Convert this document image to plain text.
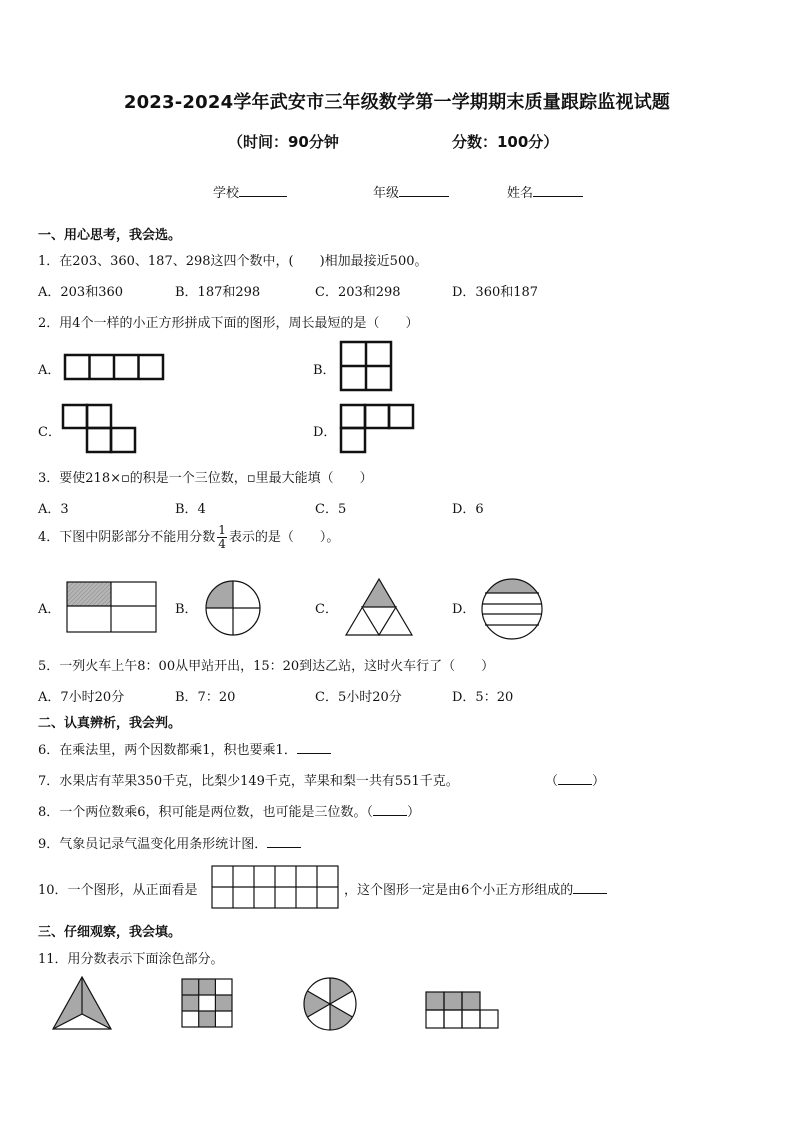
2023-2024学年武安市三年级数学第一学期期末质量跟踪监视试题
（时间：90分钟	分数：100分）
学校	年级	姓名
一、用心思考，我会选。
1．在203、360、187、298这四个数中，(　　)相加最接近500。
A．203和360	B．187和298	C．203和298	D．360和187
2．用4个一样的小正方形拼成下面的图形，周长最短的是（　　）
A．	B．
C．	D．
3．要使218×▫的积是一个三位数，▫里最大能填（　　）
A．3	B．4	C．5	D．6
4．下图中阴影部分不能用分数 $\frac{1}{4}$ 表示的是（　　）。
A．	B．	C．	D．
5．一列火车上午8：00从甲站开出，15：20到达乙站，这时火车行了（　　）
A．7小时20分	B．7：20	C．5小时20分	D．5：20
二、认真辨析，我会判。
6．在乘法里，两个因数都乘1，积也要乘1．
7．水果店有苹果350千克，比梨少149千克，苹果和梨一共有551千克。	（	）
8．一个两位数乘6，积可能是两位数，也可能是三位数。（	）
9．气象员记录气温变化用条形统计图．
10．一个图形，从正面看是	，这个图形一定是由6个小正方形组成的
三、仔细观察，我会填。
11．用分数表示下面涂色部分。
